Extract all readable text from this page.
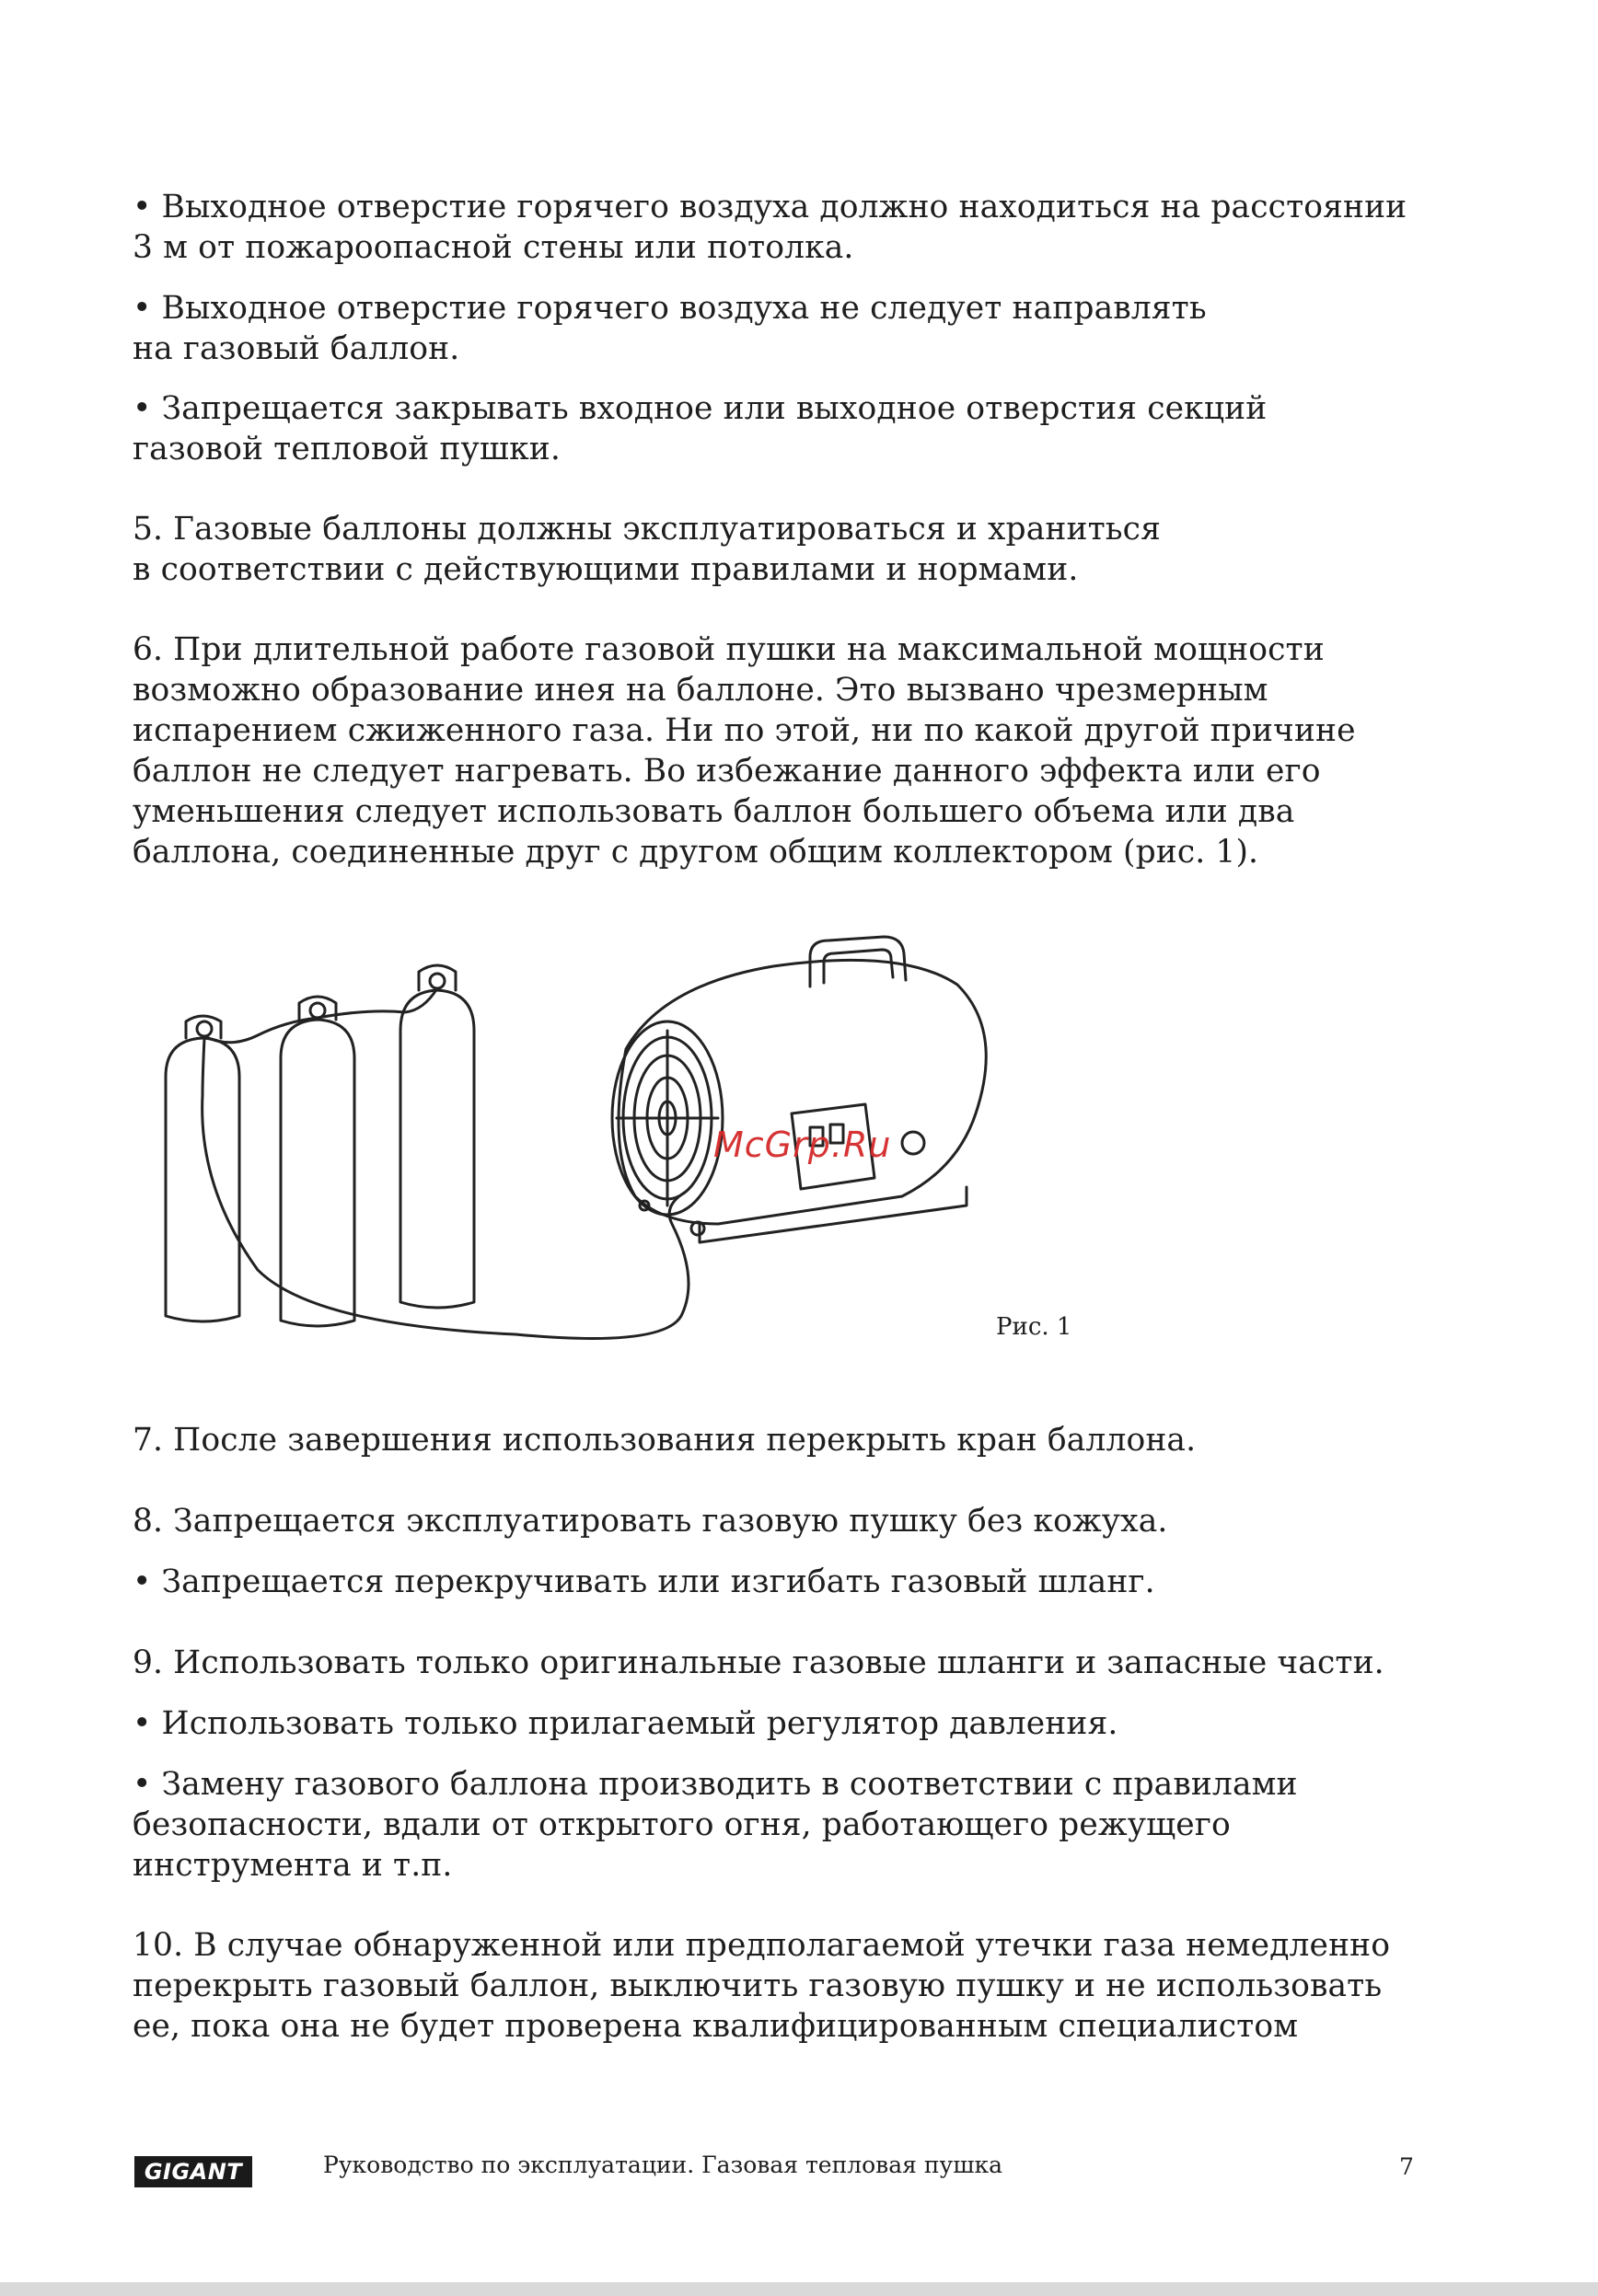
• Выходное отверстие горячего воздуха должно находиться на расстоянии
3 м от пожароопасной стены или потолка.

• Выходное отверстие горячего воздуха не следует направлять
на газовый баллон.

• Запрещается закрывать входное или выходное отверстия секций
газовой тепловой пушки.

5. Газовые баллоны должны эксплуатироваться и храниться
в соответствии с действующими правилами и нормами.

6. При длительной работе газовой пушки на максимальной мощности
возможно образование инея на баллоне. Это вызвано чрезмерным
испарением сжиженного газа. Ни по этой, ни по какой другой причине
баллон не следует нагревать. Во избежание данного эффекта или его
уменьшения следует использовать баллон большего объема или два
баллона, соединенные друг с другом общим коллектором (рис. 1).

McGrp.Ru
Рис. 1

7. После завершения использования перекрыть кран баллона.

8. Запрещается эксплуатировать газовую пушку без кожуха.

• Запрещается перекручивать или изгибать газовый шланг.

9. Использовать только оригинальные газовые шланги и запасные части.

• Использовать только прилагаемый регулятор давления.

• Замену газового баллона производить в соответствии с правилами
безопасности, вдали от открытого огня, работающего режущего
инструмента и т.п.

10. В случае обнаруженной или предполагаемой утечки газа немедленно
перекрыть газовый баллон, выключить газовую пушку и не использовать
ее, пока она не будет проверена квалифицированным специалистом

GIGANT	Руководство по эксплуатации. Газовая тепловая пушка	7
